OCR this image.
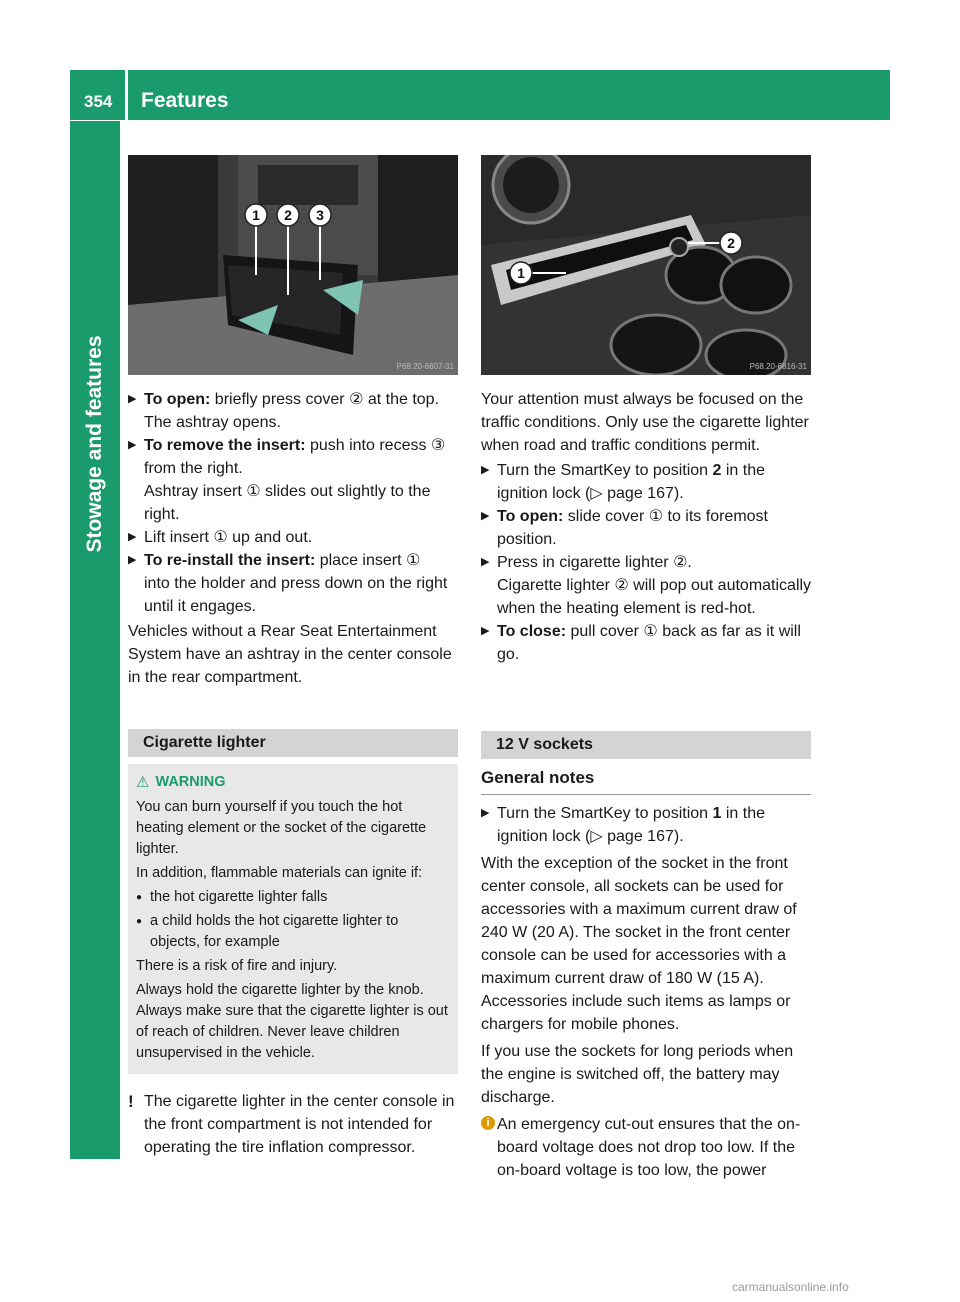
354 Features
Stowage and features
1 2 3
P68.20-6607-31
1
2
P68.20-6816-31
▶ To open: briefly press cover ② at the top.
The ashtray opens.
▶ To remove the insert: push into recess ③
from the right.
Ashtray insert ① slides out slightly to the
right.
▶ Lift insert ① up and out.
▶ To re-install the insert: place insert ①
into the holder and press down on the right
until it engages.

Vehicles without a Rear Seat Entertainment System have an ashtray in the center console in the rear compartment.

Cigarette lighter

⚠ WARNING

You can burn yourself if you touch the hot heating element or the socket of the cigarette lighter.

In addition, flammable materials can ignite if:

● the hot cigarette lighter falls

● a child holds the hot cigarette lighter to objects, for example

There is a risk of fire and injury.

Always hold the cigarette lighter by the knob. Always make sure that the cigarette lighter is out of reach of children. Never leave children unsupervised in the vehicle.

! The cigarette lighter in the center console in the front compartment is not intended for operating the tire inflation compressor.

Your attention must always be focused on the traffic conditions. Only use the cigarette lighter when road and traffic conditions permit.

▶ Turn the SmartKey to position 2 in the ignition lock (▷ page 167).
▶ To open: slide cover ① to its foremost position.
▶ Press in cigarette lighter ②.
Cigarette lighter ② will pop out automatically when the heating element is red-hot.
▶ To close: pull cover ① back as far as it will go.
12 V sockets
General notes
▶ Turn the SmartKey to position 1 in the ignition lock (▷ page 167).

With the exception of the socket in the front center console, all sockets can be used for accessories with a maximum current draw of 240 W (20 A). The socket in the front center console can be used for accessories with a maximum current draw of 180 W (15 A). Accessories include such items as lamps or chargers for mobile phones.

If you use the sockets for long periods when the engine is switched off, the battery may discharge.

i An emergency cut-out ensures that the on-board voltage does not drop too low. If the on-board voltage is too low, the power

carmanualsonline.info
